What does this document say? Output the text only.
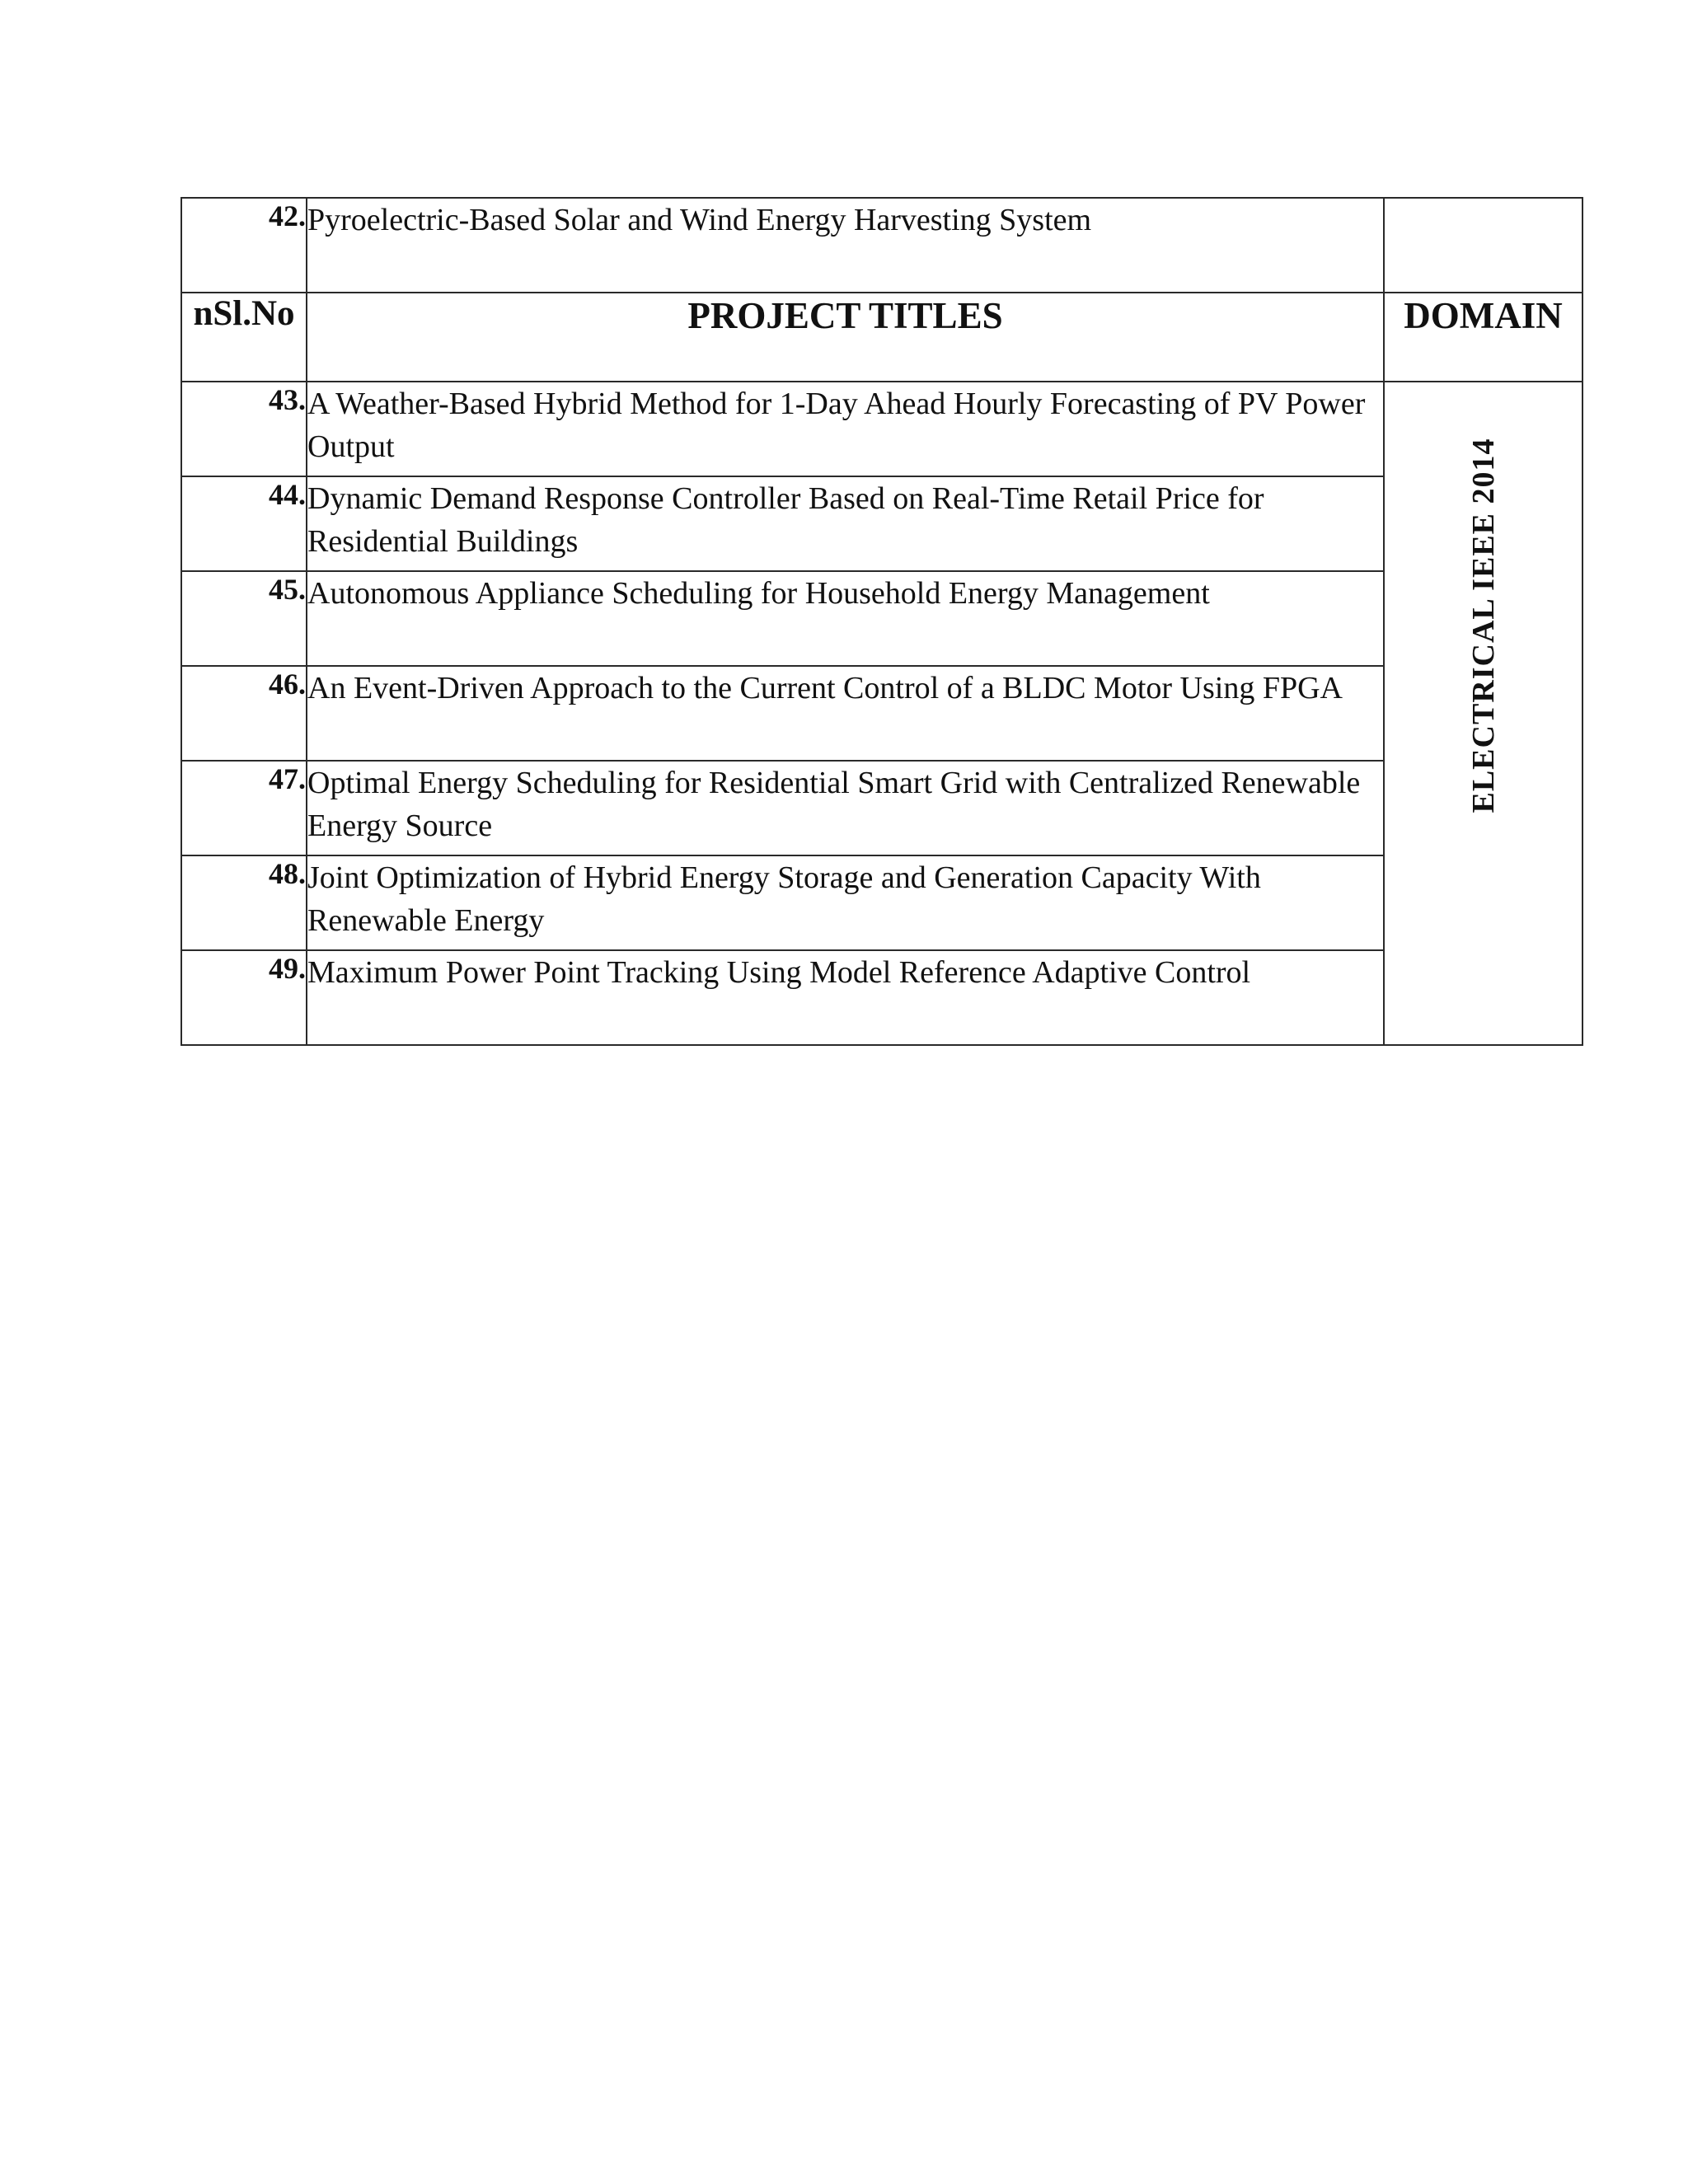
42.	Pyroelectric-Based Solar and Wind Energy Harvesting System	
nSl.No	PROJECT TITLES	DOMAIN
43.	A Weather-Based Hybrid Method for 1-Day Ahead Hourly Forecasting of PV Power Output	ELECTRICAL IEEE 2014

44.	Dynamic Demand Response Controller Based on Real-Time Retail Price for Residential Buildings	
45.	Autonomous Appliance Scheduling for Household Energy Management	
46.	An Event-Driven Approach to the Current Control of a BLDC Motor Using FPGA	
47.	Optimal Energy Scheduling for Residential Smart Grid with Centralized Renewable Energy Source	
48.	Joint Optimization of Hybrid Energy Storage and Generation Capacity With Renewable Energy	
49.	Maximum Power Point Tracking Using Model Reference Adaptive Control	
